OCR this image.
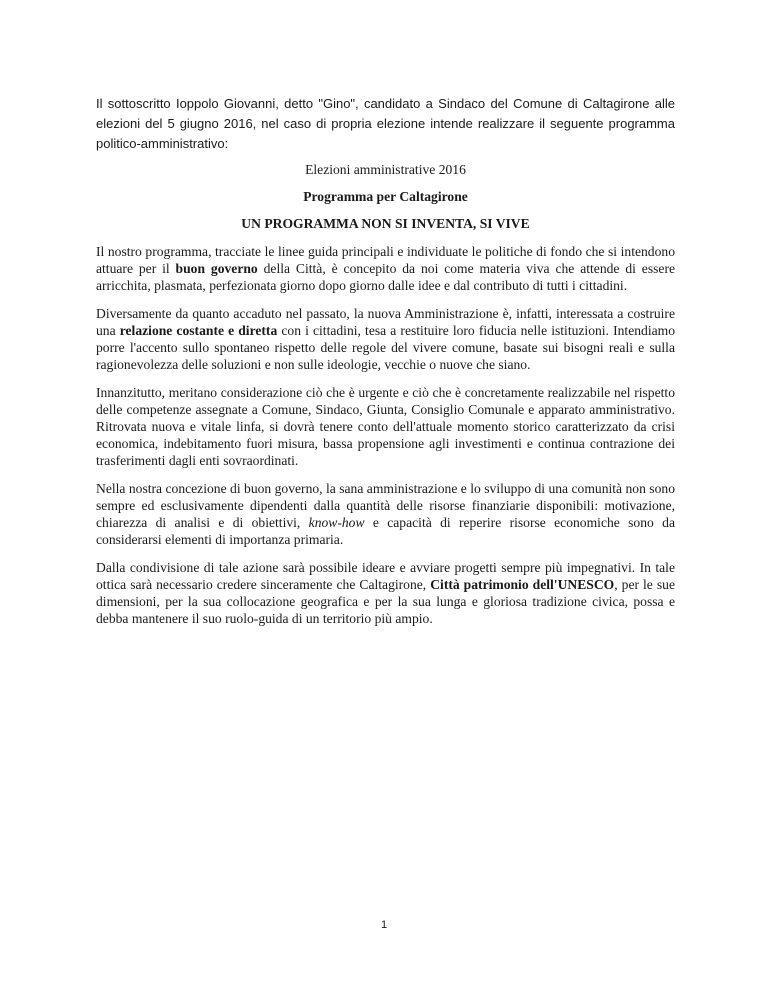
Il sottoscritto Ioppolo Giovanni, detto "Gino", candidato a Sindaco del Comune di Caltagirone alle elezioni del 5 giugno 2016, nel caso di propria elezione intende realizzare il seguente programma politico-amministrativo:

Elezioni amministrative 2016

Programma per Caltagirone

UN PROGRAMMA NON SI INVENTA, SI VIVE

Il nostro programma, tracciate le linee guida principali e individuate le politiche di fondo che si intendono attuare per il buon governo della Città, è concepito da noi come materia viva che attende di essere arricchita, plasmata, perfezionata giorno dopo giorno dalle idee e dal contributo di tutti i cittadini.

Diversamente da quanto accaduto nel passato, la nuova Amministrazione è, infatti, interessata a costruire una relazione costante e diretta con i cittadini, tesa a restituire loro fiducia nelle istituzioni. Intendiamo porre l'accento sullo spontaneo rispetto delle regole del vivere comune, basate sui bisogni reali e sulla ragionevolezza delle soluzioni e non sulle ideologie, vecchie o nuove che siano.

Innanzitutto, meritano considerazione ciò che è urgente e ciò che è concretamente realizzabile nel rispetto delle competenze assegnate a Comune, Sindaco, Giunta, Consiglio Comunale e apparato amministrativo. Ritrovata nuova e vitale linfa, si dovrà tenere conto dell'attuale momento storico caratterizzato da crisi economica, indebitamento fuori misura, bassa propensione agli investimenti e continua contrazione dei trasferimenti dagli enti sovraordinati.

Nella nostra concezione di buon governo, la sana amministrazione e lo sviluppo di una comunità non sono sempre ed esclusivamente dipendenti dalla quantità delle risorse finanziarie disponibili: motivazione, chiarezza di analisi e di obiettivi, know-how e capacità di reperire risorse economiche sono da considerarsi elementi di importanza primaria.

Dalla condivisione di tale azione sarà possibile ideare e avviare progetti sempre più impegnativi. In tale ottica sarà necessario credere sinceramente che Caltagirone, Città patrimonio dell'UNESCO, per le sue dimensioni, per la sua collocazione geografica e per la sua lunga e gloriosa tradizione civica, possa e debba mantenere il suo ruolo-guida di un territorio più ampio.

1
